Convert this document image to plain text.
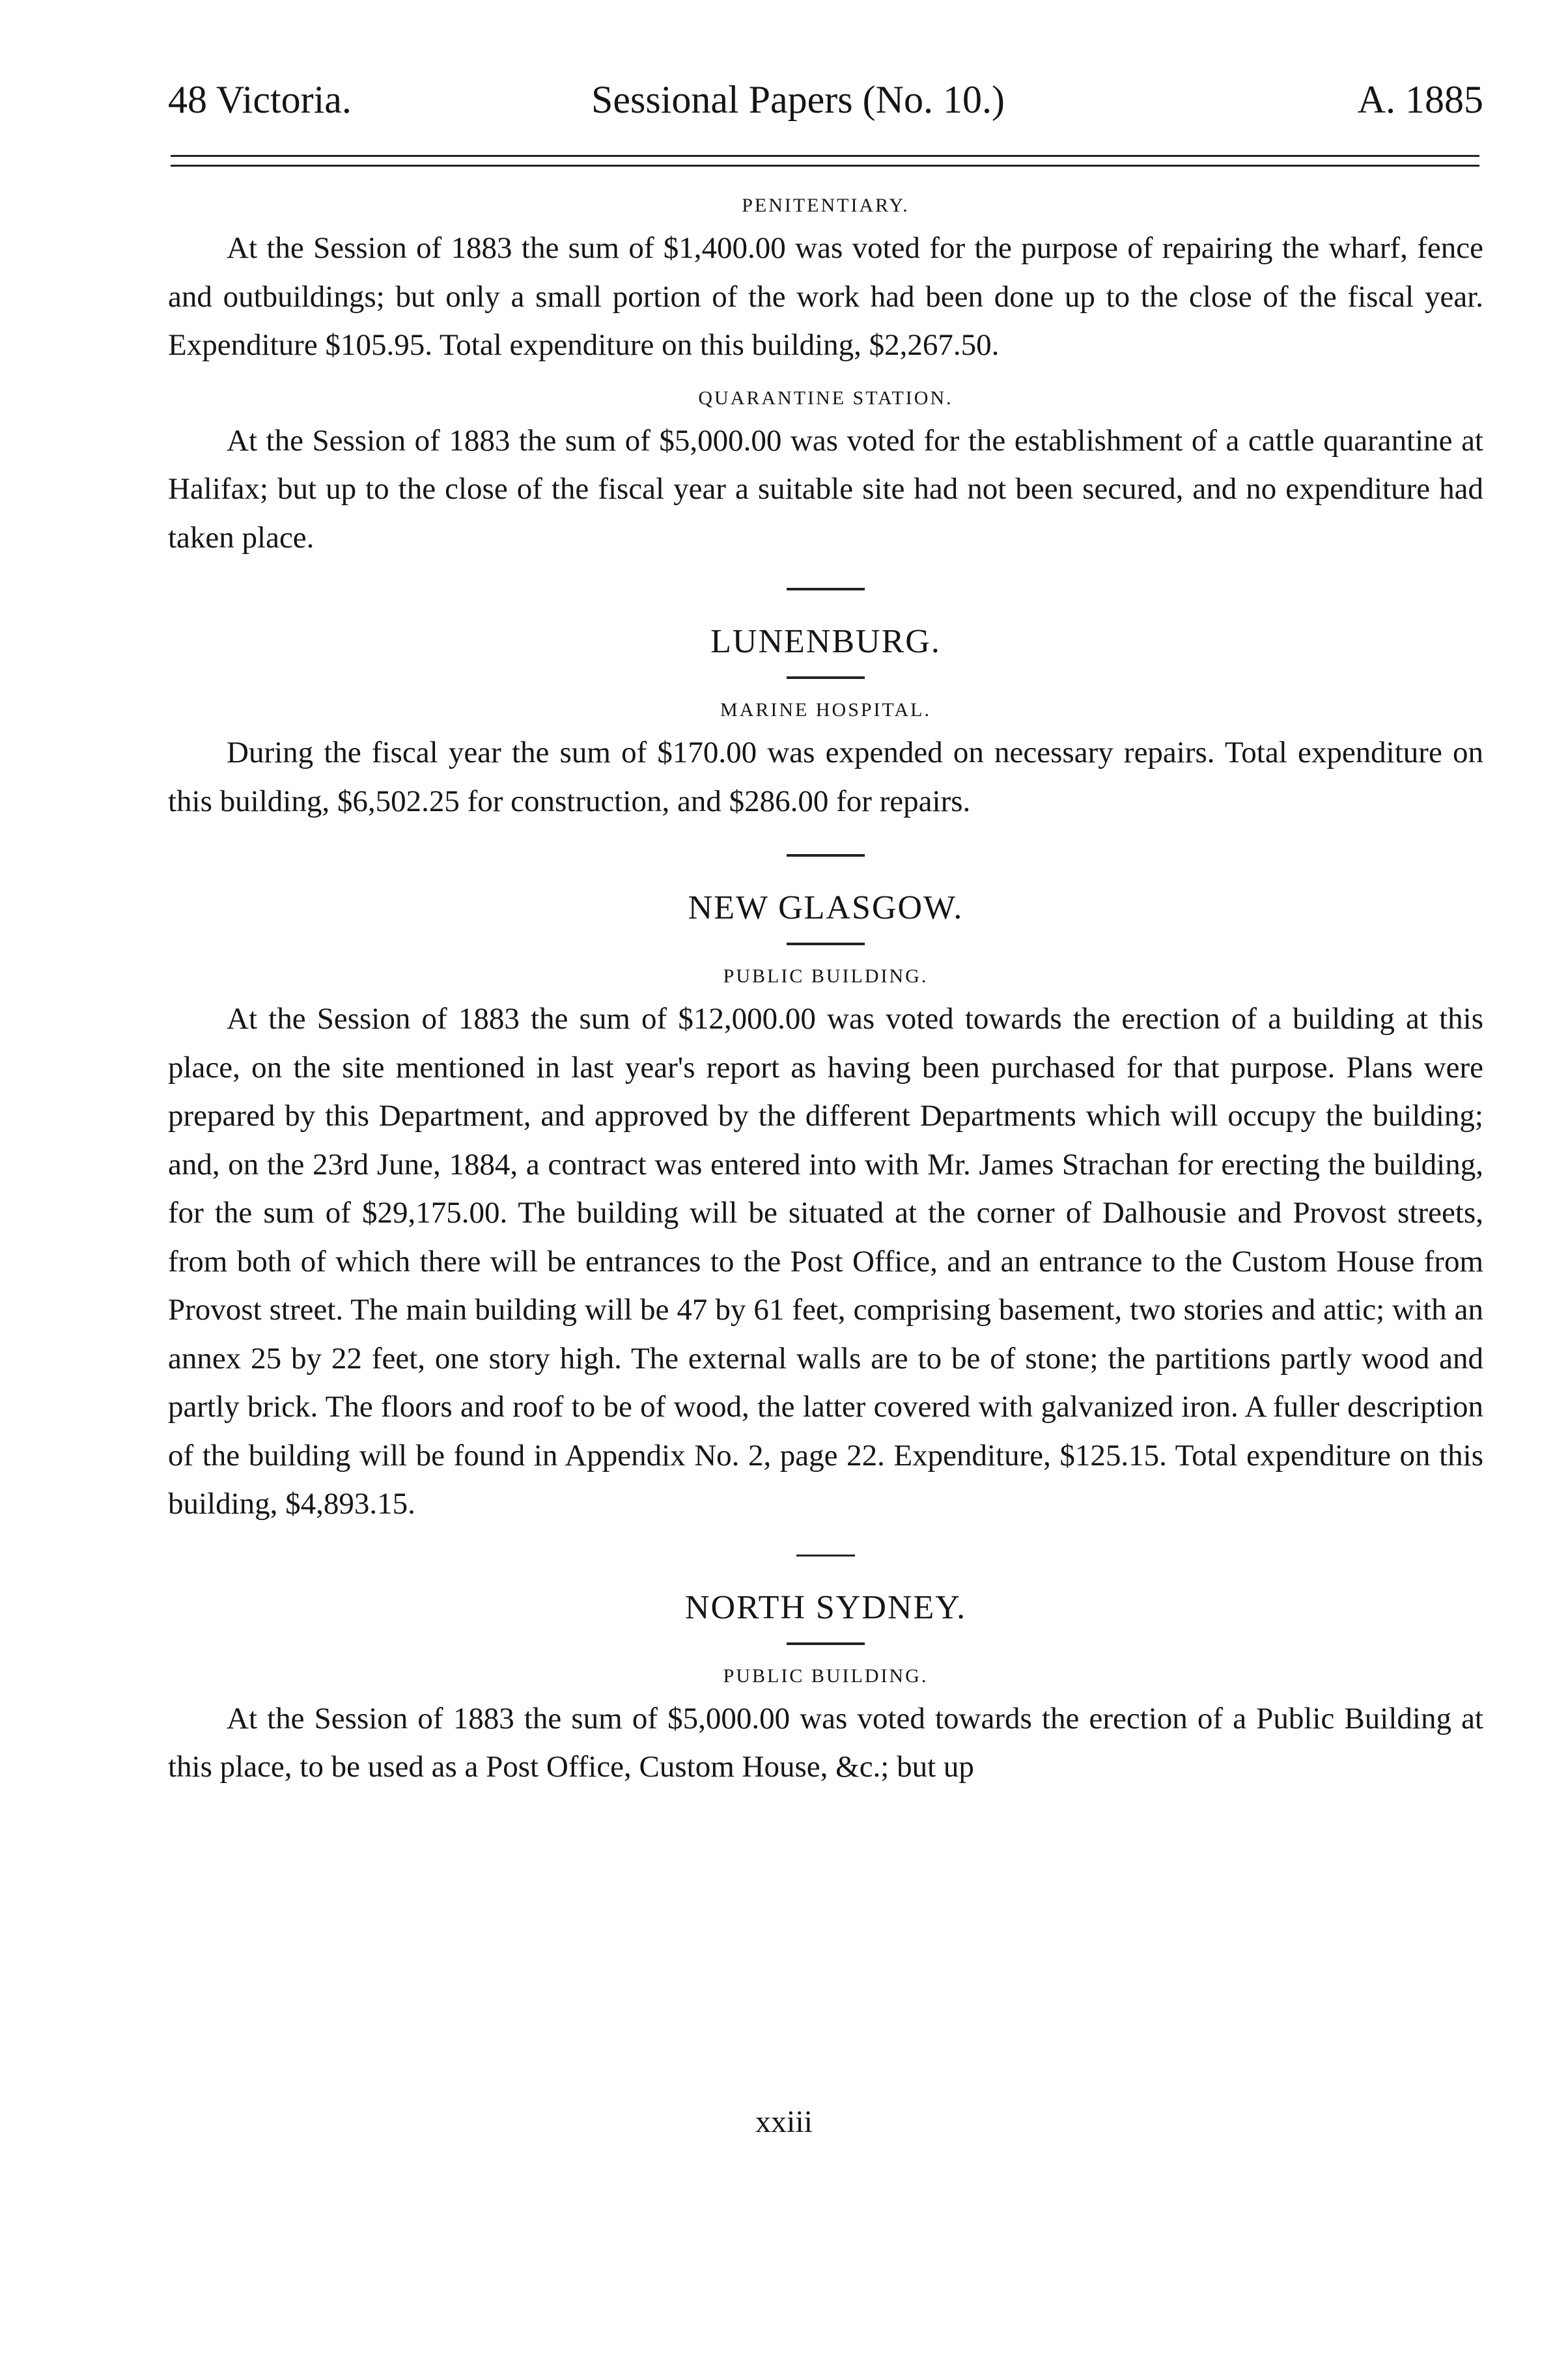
48 Victoria.	Sessional Papers (No. 10.)	A. 1885

PENITENTIARY.

At the Session of 1883 the sum of $1,400.00 was voted for the purpose of repairing the wharf, fence and outbuildings; but only a small portion of the work had been done up to the close of the fiscal year. Expenditure $105.95. Total expenditure on this building, $2,267.50.

QUARANTINE STATION.

At the Session of 1883 the sum of $5,000.00 was voted for the establishment of a cattle quarantine at Halifax; but up to the close of the fiscal year a suitable site had not been secured, and no expenditure had taken place.

LUNENBURG.

MARINE HOSPITAL.

During the fiscal year the sum of $170.00 was expended on necessary repairs. Total expenditure on this building, $6,502.25 for construction, and $286.00 for repairs.

NEW GLASGOW.

PUBLIC BUILDING.

At the Session of 1883 the sum of $12,000.00 was voted towards the erection of a building at this place, on the site mentioned in last year's report as having been purchased for that purpose. Plans were prepared by this Department, and approved by the different Departments which will occupy the building; and, on the 23rd June, 1884, a contract was entered into with Mr. James Strachan for erecting the building, for the sum of $29,175.00. The building will be situated at the corner of Dalhousie and Provost streets, from both of which there will be entrances to the Post Office, and an entrance to the Custom House from Provost street. The main building will be 47 by 61 feet, comprising basement, two stories and attic; with an annex 25 by 22 feet, one story high. The external walls are to be of stone; the partitions partly wood and partly brick. The floors and roof to be of wood, the latter covered with galvanized iron. A fuller description of the building will be found in Appendix No. 2, page 22. Expenditure, $125.15. Total expenditure on this building, $4,893.15.

NORTH SYDNEY.

PUBLIC BUILDING.

At the Session of 1883 the sum of $5,000.00 was voted towards the erection of a Public Building at this place, to be used as a Post Office, Custom House, &c.; but up

xxiii
